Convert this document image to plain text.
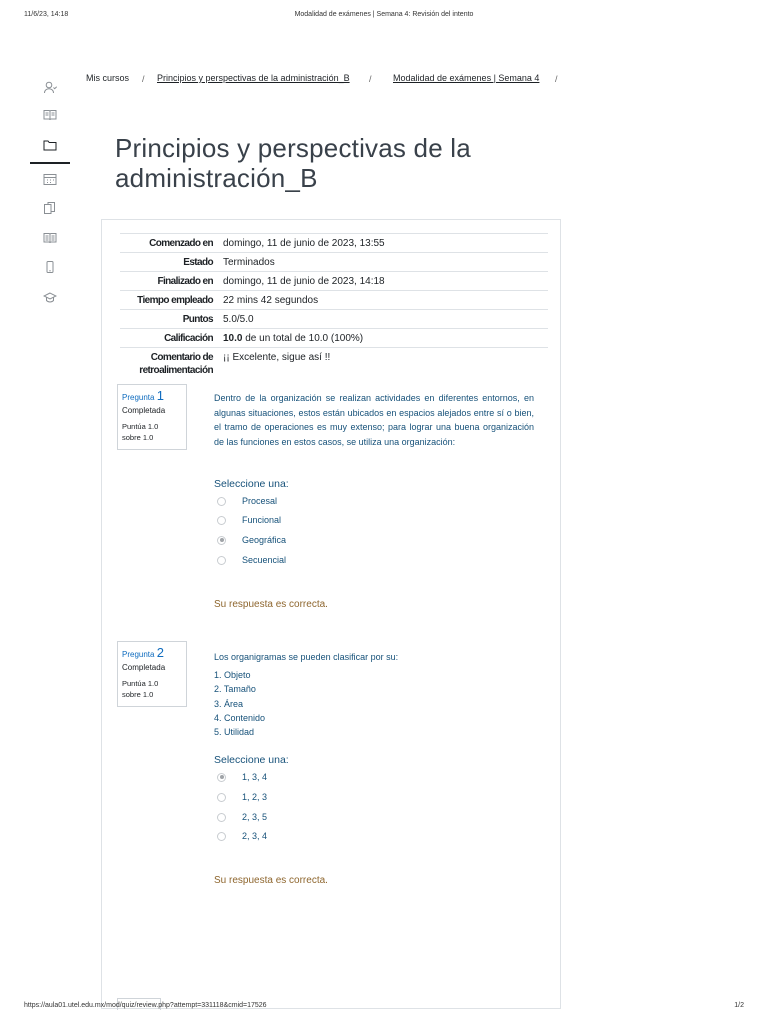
11/6/23, 14:18	Modalidad de exámenes | Semana 4: Revisión del intento
Mis cursos / Principios y perspectivas de la administración_B / Modalidad de exámenes | Semana 4 /
Principios y perspectivas de la
administración_B
Comenzado en	domingo, 11 de junio de 2023, 13:55
Estado	Terminados
Finalizado en	domingo, 11 de junio de 2023, 14:18
Tiempo empleado	22 mins 42 segundos
Puntos	5.0/5.0
Calificación	10.0 de un total de 10.0 (100%)
Comentario de retroalimentación
¡¡ Excelente, sigue así !!
Pregunta 1
Completada
Puntúa 1.0
sobre 1.0
Dentro de la organización se realizan actividades en diferentes entornos, en algunas situaciones, estos están ubicados en espacios alejados entre sí o bien, el tramo de operaciones es muy extenso; para lograr una buena organización de las funciones en estos casos, se utiliza una organización:
Seleccione una:
Procesal
Funcional
Geográfica
Secuencial
Su respuesta es correcta.
Pregunta 2
Completada
Puntúa 1.0
sobre 1.0
Los organigramas se pueden clasificar por su:
1. Objeto
2. Tamaño
3. Área
4. Contenido
5. Utilidad
Seleccione una:
1, 3, 4
1, 2, 3
2, 3, 5
2, 3, 4
Su respuesta es correcta.
https://aula01.utel.edu.mx/mod/quiz/review.php?attempt=331118&cmid=17526	1/2
